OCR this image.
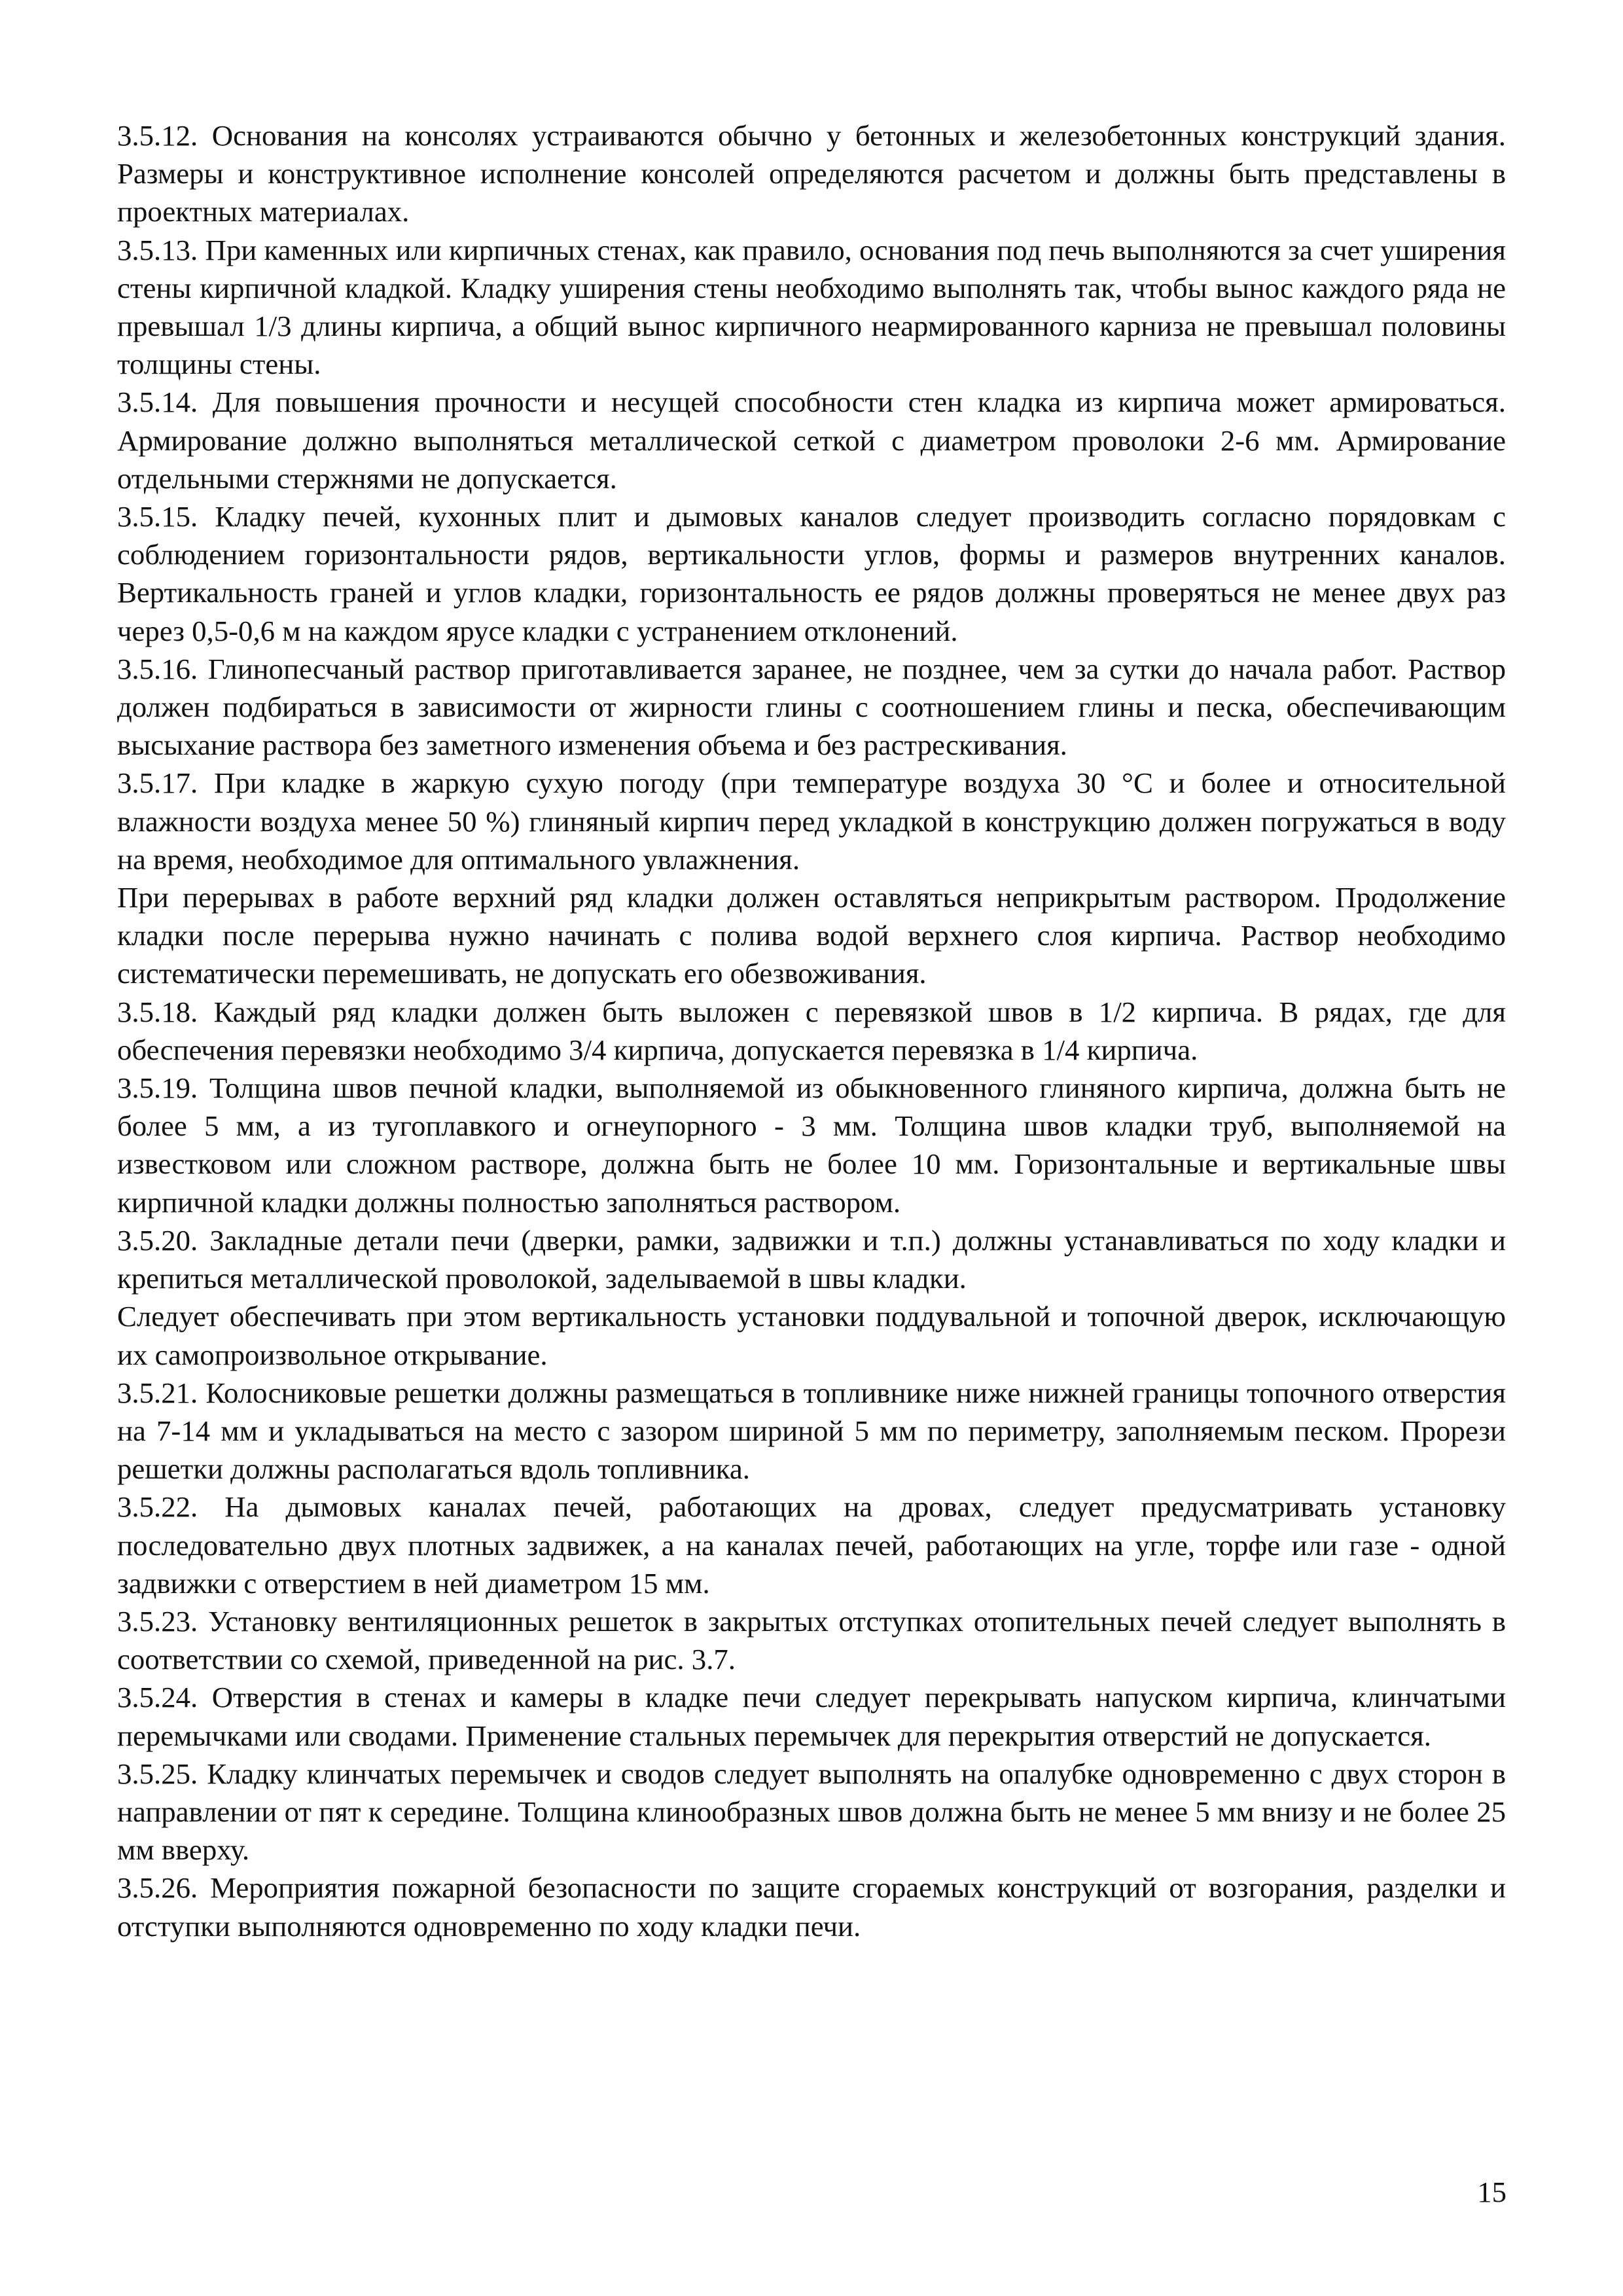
3.5.12. Основания на консолях устраиваются обычно у бетонных и железобетонных конструкций здания. Размеры и конструктивное исполнение консолей определяются расчетом и должны быть представлены в проектных материалах.

3.5.13. При каменных или кирпичных стенах, как правило, основания под печь выполняются за счет уширения стены кирпичной кладкой. Кладку уширения стены необходимо выполнять так, чтобы вынос каждого ряда не превышал 1/3 длины кирпича, а общий вынос кирпичного неармированного карниза не превышал половины толщины стены.

3.5.14. Для повышения прочности и несущей способности стен кладка из кирпича может армироваться. Армирование должно выполняться металлической сеткой с диаметром проволоки 2-6 мм. Армирование отдельными стержнями не допускается.

3.5.15. Кладку печей, кухонных плит и дымовых каналов следует производить согласно порядовкам с соблюдением горизонтальности рядов, вертикальности углов, формы и размеров внутренних каналов. Вертикальность граней и углов кладки, горизонтальность ее рядов должны проверяться не менее двух раз через 0,5-0,6 м на каждом ярусе кладки с устранением отклонений.

3.5.16. Глинопесчаный раствор приготавливается заранее, не позднее, чем за сутки до начала работ. Раствор должен подбираться в зависимости от жирности глины с соотношением глины и песка, обеспечивающим высыхание раствора без заметного изменения объема и без растрескивания.

3.5.17. При кладке в жаркую сухую погоду (при температуре воздуха 30 °С и более и относительной влажности воздуха менее 50 %) глиняный кирпич перед укладкой в конструкцию должен погружаться в воду на время, необходимое для оптимального увлажнения.

При перерывах в работе верхний ряд кладки должен оставляться неприкрытым раствором. Продолжение кладки после перерыва нужно начинать с полива водой верхнего слоя кирпича. Раствор необходимо систематически перемешивать, не допускать его обезвоживания.

3.5.18. Каждый ряд кладки должен быть выложен с перевязкой швов в 1/2 кирпича. В рядах, где для обеспечения перевязки необходимо 3/4 кирпича, допускается перевязка в 1/4 кирпича.

3.5.19. Толщина швов печной кладки, выполняемой из обыкновенного глиняного кирпича, должна быть не более 5 мм, а из тугоплавкого и огнеупорного - 3 мм. Толщина швов кладки труб, выполняемой на известковом или сложном растворе, должна быть не более 10 мм. Горизонтальные и вертикальные швы кирпичной кладки должны полностью заполняться раствором.

3.5.20. Закладные детали печи (дверки, рамки, задвижки и т.п.) должны устанавливаться по ходу кладки и крепиться металлической проволокой, заделываемой в швы кладки.

Следует обеспечивать при этом вертикальность установки поддувальной и топочной дверок, исключающую их самопроизвольное открывание.

3.5.21. Колосниковые решетки должны размещаться в топливнике ниже нижней границы топочного отверстия на 7-14 мм и укладываться на место с зазором шириной 5 мм по периметру, заполняемым песком. Прорези решетки должны располагаться вдоль топливника.

3.5.22. На дымовых каналах печей, работающих на дровах, следует предусматривать установку последовательно двух плотных задвижек, а на каналах печей, работающих на угле, торфе или газе - одной задвижки с отверстием в ней диаметром 15 мм.

3.5.23. Установку вентиляционных решеток в закрытых отступках отопительных печей следует выполнять в соответствии со схемой, приведенной на рис. 3.7.

3.5.24. Отверстия в стенах и камеры в кладке печи следует перекрывать напуском кирпича, клинчатыми перемычками или сводами. Применение стальных перемычек для перекрытия отверстий не допускается.

3.5.25. Кладку клинчатых перемычек и сводов следует выполнять на опалубке одновременно с двух сторон в направлении от пят к середине. Толщина клинообразных швов должна быть не менее 5 мм внизу и не более 25 мм вверху.

3.5.26. Мероприятия пожарной безопасности по защите сгораемых конструкций от возгорания, разделки и отступки выполняются одновременно по ходу кладки печи.

15
